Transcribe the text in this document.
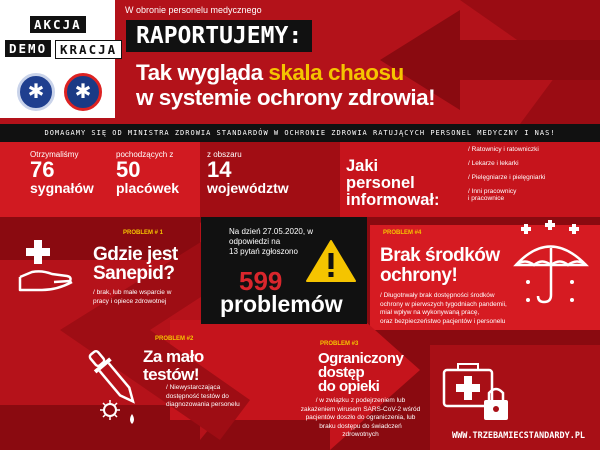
AKCJA
DEMO	KRACJA
✱ ✱
W obronie personelu medycznego
RAPORTUJEMY:
Tak wygląda skala chaosu
w systemie ochrony zdrowia!
DOMAGAMY SIĘ OD MINISTRA ZDROWIA STANDARDÓW W OCHRONIE ZDROWIA RATUJĄCYCH PERSONEL MEDYCZNY I NAS!
Otrzymaliśmy
76
sygnałów
pochodzących z
50
placówek
z obszaru
14
województw
Jaki
personel
informował:
/ Ratownicy i ratowniczki
/ Lekarze i lekarki
/ Pielęgniarze i pielęgniarki
/ Inni pracownicy
i pracownice
Na dzień 27.05.2020, w
odpowiedzi na
13 pytań zgłoszono
599
problemów
PROBLEM # 1
Gdzie jest
Sanepid?
/ brak, lub małe wsparcie w
pracy i opiece zdrowotnej
PROBLEM #2
Za mało
testów!
/ Niewystarczająca
dostępność testów do
diagnozowania personelu
PROBLEM #3
Ograniczony
dostęp
do opieki
/ w związku z podejrzeniem lub
zakażeniem wirusem SARS-CoV-2 wśród
pacjentów doszło do ograniczenia, lub
braku dostępu do świadczeń
zdrowotnych
PROBLEM #4
Brak środków
ochrony!
/ Długotrwały brak dostępności środków
ochrony w pierwszych tygodniach pandemii,
miał wpływ na wykonywaną pracę,
oraz bezpieczeństwo pacjentów i personelu
WWW.TRZEBAMIECSTANDARDY.PL
